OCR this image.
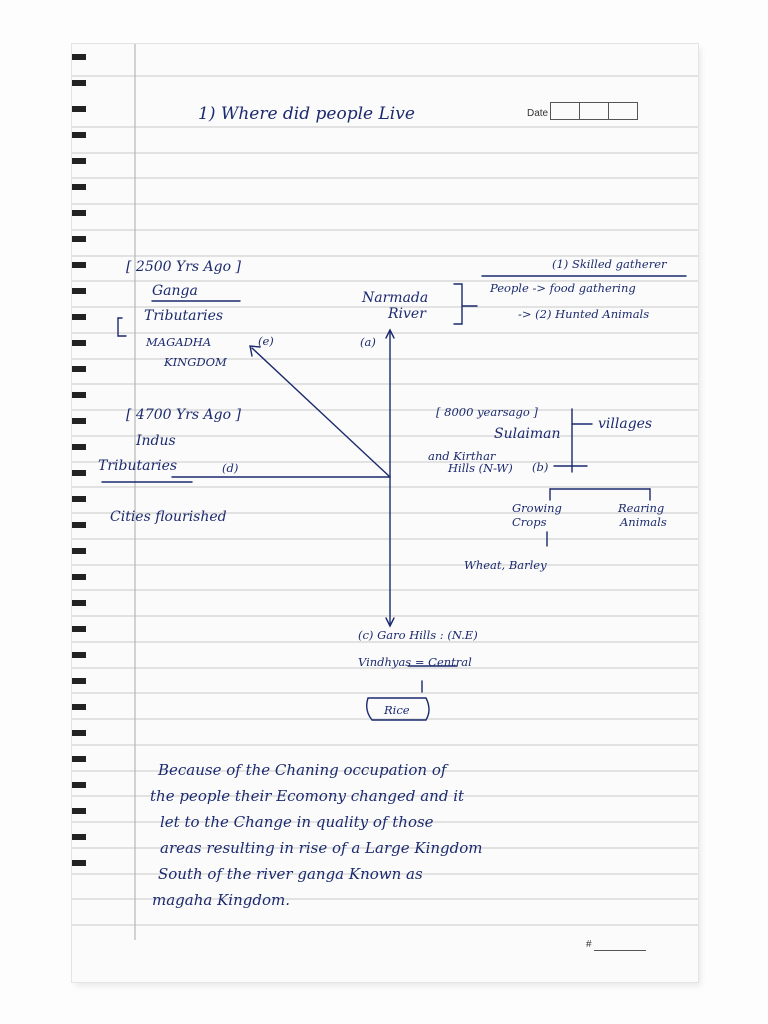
1) Where did people Live	Date

[ 2500 Yrs Ago ]

Ganga

Tributaries

MAGADHA	(e)

KINGDOM

[ 4700 Yrs Ago ]

Indus

Tributaries	(d)

Cities flourished

Narmada

River

(a)

(1) Skilled gatherer

People -> food gathering

-> (2) Hunted Animals

[ 8000 yearsago ]

Sulaiman

and Kirthar

Hills (N-W) (b)

villages

Growing

Crops

Rearing

Animals

Wheat, Barley

(c) Garo Hills : (N.E)

Vindhyas = Central

Rice

Because of the Chaning occupation of

the people their Ecomony changed and it

let to the Change in quality of those

areas resulting in rise of a Large Kingdom

South of the river ganga Known as

magaha Kingdom.

#
